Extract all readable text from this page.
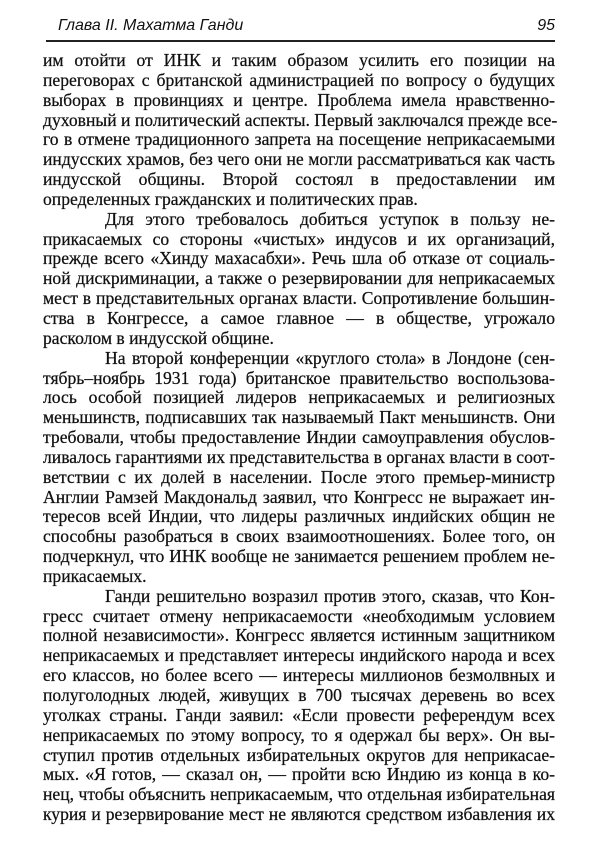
Глава II. Махатма Ганди	95
им отойти от ИНК и таким образом усилить его позиции на
переговорах с британской администрацией по вопросу о будущих
выборах в провинциях и центре. Проблема имела нравственно-
духовный и политический аспекты. Первый заключался прежде все-
го в отмене традиционного запрета на посещение неприкасаемыми
индусских храмов, без чего они не могли рассматриваться как часть
индусской общины. Второй состоял в предоставлении им
определенных гражданских и политических прав.
Для этого требовалось добиться уступок в пользу не-
прикасаемых со стороны «чистых» индусов и их организаций,
прежде всего «Хинду махасабхи». Речь шла об отказе от социаль-
ной дискриминации, а также о резервировании для неприкасаемых
мест в представительных органах власти. Сопротивление большин-
ства в Конгрессе, а самое главное — в обществе, угрожало
расколом в индусской общине.
На второй конференции «круглого стола» в Лондоне (сен-
тябрь–ноябрь 1931 года) британское правительство воспользова-
лось особой позицией лидеров неприкасаемых и религиозных
меньшинств, подписавших так называемый Пакт меньшинств. Они
требовали, чтобы предоставление Индии самоуправления обуслов-
ливалось гарантиями их представительства в органах власти в соот-
ветствии с их долей в населении. После этого премьер-министр
Англии Рамзей Макдональд заявил, что Конгресс не выражает ин-
тересов всей Индии, что лидеры различных индийских общин не
способны разобраться в своих взаимоотношениях. Более того, он
подчеркнул, что ИНК вообще не занимается решением проблем не-
прикасаемых.
Ганди решительно возразил против этого, сказав, что Кон-
гресс считает отмену неприкасаемости «необходимым условием
полной независимости». Конгресс является истинным защитником
неприкасаемых и представляет интересы индийского народа и всех
его классов, но более всего — интересы миллионов безмолвных и
полуголодных людей, живущих в 700 тысячах деревень во всех
уголках страны. Ганди заявил: «Если провести референдум всех
неприкасаемых по этому вопросу, то я одержал бы верх». Он вы-
ступил против отдельных избирательных округов для неприкасае-
мых. «Я готов, — сказал он, — пройти всю Индию из конца в ко-
нец, чтобы объяснить неприкасаемым, что отдельная избирательная
курия и резервирование мест не являются средством избавления их
